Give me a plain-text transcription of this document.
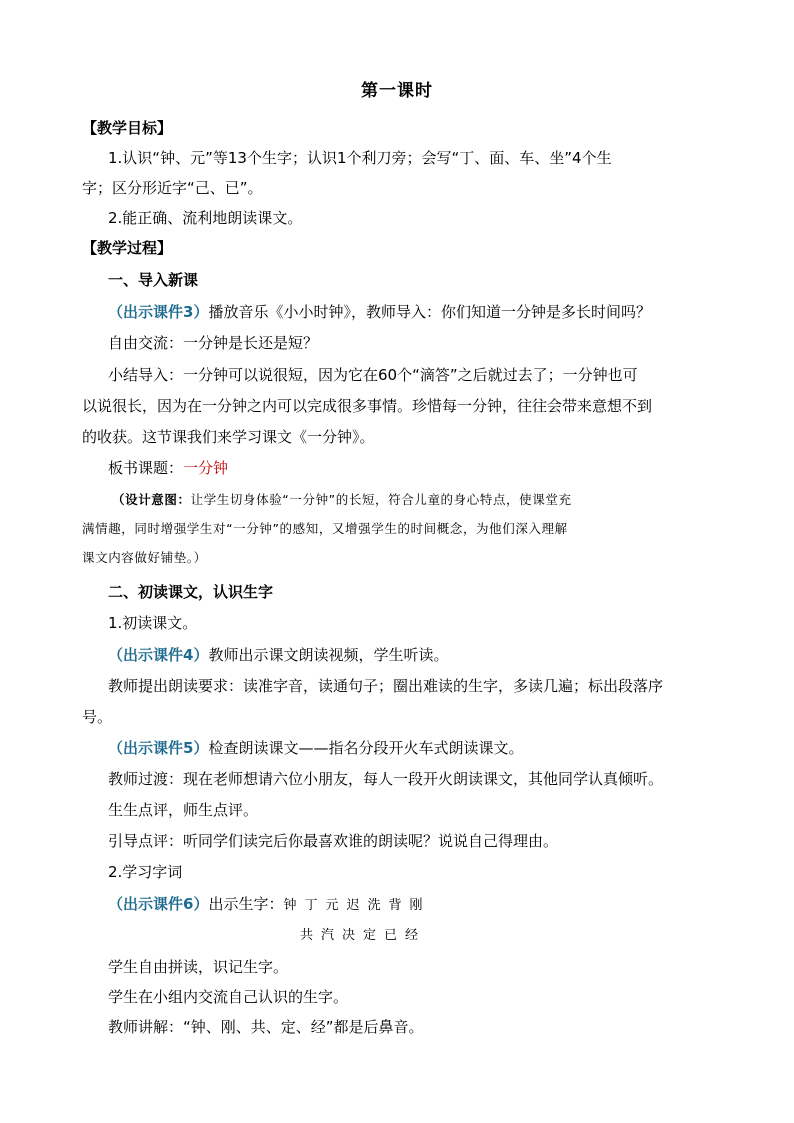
第一课时
【教学目标】
1.认识“钟、元”等13个生字；认识1个利刀旁；会写“丁、面、车、坐”4个生
字；区分形近字“己、已”。
2.能正确、流利地朗读课文。
【教学过程】
一、导入新课
（出示课件3）播放音乐《小小时钟》，教师导入：你们知道一分钟是多长时间吗？
自由交流：一分钟是长还是短？
小结导入：一分钟可以说很短，因为它在60个“滴答”之后就过去了；一分钟也可
以说很长，因为在一分钟之内可以完成很多事情。珍惜每一分钟，往往会带来意想不到
的收获。这节课我们来学习课文《一分钟》。
板书课题：一分钟
（设计意图：让学生切身体验“一分钟”的长短，符合儿童的身心特点，使课堂充
满情趣，同时增强学生对“一分钟”的感知，又增强学生的时间概念，为他们深入理解
课文内容做好铺垫。）
二、初读课文，认识生字
1.初读课文。
（出示课件4）教师出示课文朗读视频，学生听读。
教师提出朗读要求：读准字音，读通句子；圈出难读的生字，多读几遍；标出段落序
号。
（出示课件5）检查朗读课文——指名分段开火车式朗读课文。
教师过渡：现在老师想请六位小朋友，每人一段开火朗读课文，其他同学认真倾听。
生生点评，师生点评。
引导点评：听同学们读完后你最喜欢谁的朗读呢？说说自己得理由。
2.学习字词
（出示课件6）出示生字：钟丁元迟洗背刚
共汽决定已经
学生自由拼读，识记生字。
学生在小组内交流自己认识的生字。
教师讲解：“钟、刚、共、定、经”都是后鼻音。
